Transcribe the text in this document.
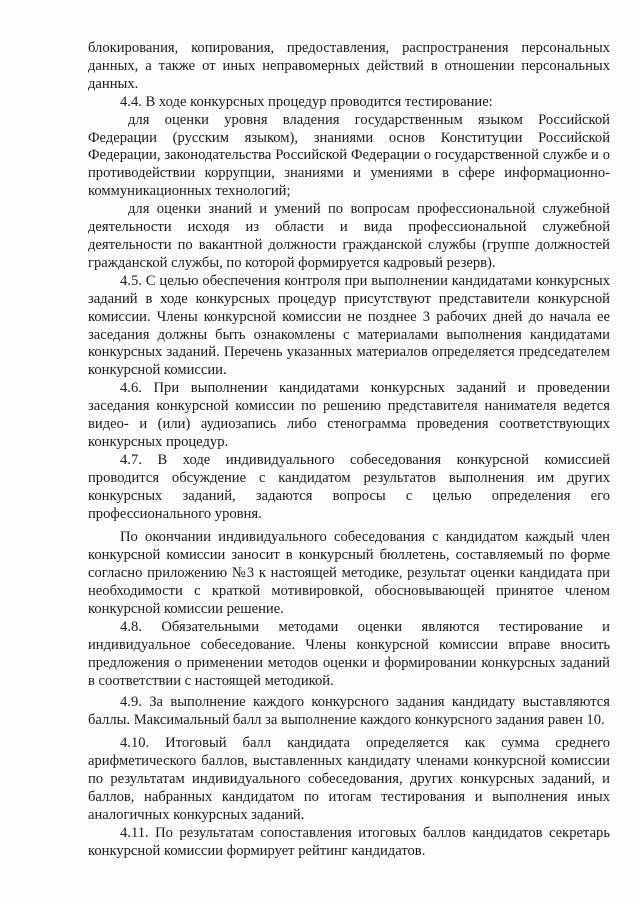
блокирования, копирования, предоставления, распространения персональных данных, а также от иных неправомерных действий в отношении персональных данных.

4.4. В ходе конкурсных процедур проводится тестирование:

для оценки уровня владения государственным языком Российской Федерации (русским языком), знаниями основ Конституции Российской Федерации, законодательства Российской Федерации о государственной службе и о противодействии коррупции, знаниями и умениями в сфере информационно-коммуникационных технологий;

для оценки знаний и умений по вопросам профессиональной служебной деятельности исходя из области и вида профессиональной служебной деятельности по вакантной должности гражданской службы (группе должностей гражданской службы, по которой формируется кадровый резерв).

4.5. С целью обеспечения контроля при выполнении кандидатами конкурсных заданий в ходе конкурсных процедур присутствуют представители конкурсной комиссии. Члены конкурсной комиссии не позднее 3 рабочих дней до начала ее заседания должны быть ознакомлены с материалами выполнения кандидатами конкурсных заданий. Перечень указанных материалов определяется председателем конкурсной комиссии.

4.6. При выполнении кандидатами конкурсных заданий и проведении заседания конкурсной комиссии по решению представителя нанимателя ведется видео- и (или) аудиозапись либо стенограмма проведения соответствующих конкурсных процедур.

4.7. В ходе индивидуального собеседования конкурсной комиссией проводится обсуждение с кандидатом результатов выполнения им других конкурсных заданий, задаются вопросы с целью определения его профессионального уровня.

По окончании индивидуального собеседования с кандидатом каждый член конкурсной комиссии заносит в конкурсный бюллетень, составляемый по форме согласно приложению №3 к настоящей методике, результат оценки кандидата при необходимости с краткой мотивировкой, обосновывающей принятое членом конкурсной комиссии решение.

4.8. Обязательными методами оценки являются тестирование и индивидуальное собеседование. Члены конкурсной комиссии вправе вносить предложения о применении методов оценки и формировании конкурсных заданий в соответствии с настоящей методикой.

4.9. За выполнение каждого конкурсного задания кандидату выставляются баллы. Максимальный балл за выполнение каждого конкурсного задания равен 10.

4.10. Итоговый балл кандидата определяется как сумма среднего арифметического баллов, выставленных кандидату членами конкурсной комиссии по результатам индивидуального собеседования, других конкурсных заданий, и баллов, набранных кандидатом по итогам тестирования и выполнения иных аналогичных конкурсных заданий.

4.11. По результатам сопоставления итоговых баллов кандидатов секретарь конкурсной комиссии формирует рейтинг кандидатов.
